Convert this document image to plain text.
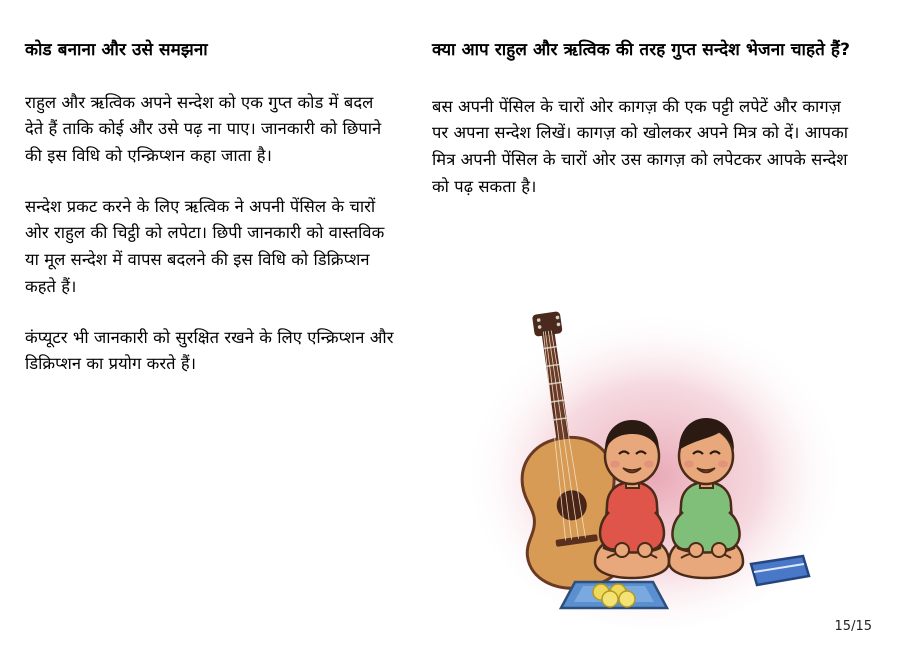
कोड बनाना और उसे समझना

राहुल और ऋत्विक अपने सन्देश को एक गुप्त कोड में बदल देते हैं ताकि कोई और उसे पढ़ ना पाए। जानकारी को छिपाने की इस विधि को एन्क्रिप्शन कहा जाता है।

सन्देश प्रकट करने के लिए ऋत्विक ने अपनी पेंसिल के चारों ओर राहुल की चिट्ठी को लपेटा। छिपी जानकारी को वास्तविक या मूल सन्देश में वापस बदलने की इस विधि को डिक्रिप्शन कहते हैं।

कंप्यूटर भी जानकारी को सुरक्षित रखने के लिए एन्क्रिप्शन और डिक्रिप्शन का प्रयोग करते हैं।

क्या आप राहुल और ऋत्विक की तरह गुप्त सन्देश भेजना चाहते हैं?

बस अपनी पेंसिल के चारों ओर कागज़ की एक पट्टी लपेटें और कागज़ पर अपना सन्देश लिखें। कागज़ को खोलकर अपने मित्र को दें। आपका मित्र अपनी पेंसिल के चारों ओर उस कागज़ को लपेटकर आपके सन्देश को पढ़ सकता है।

15/15
